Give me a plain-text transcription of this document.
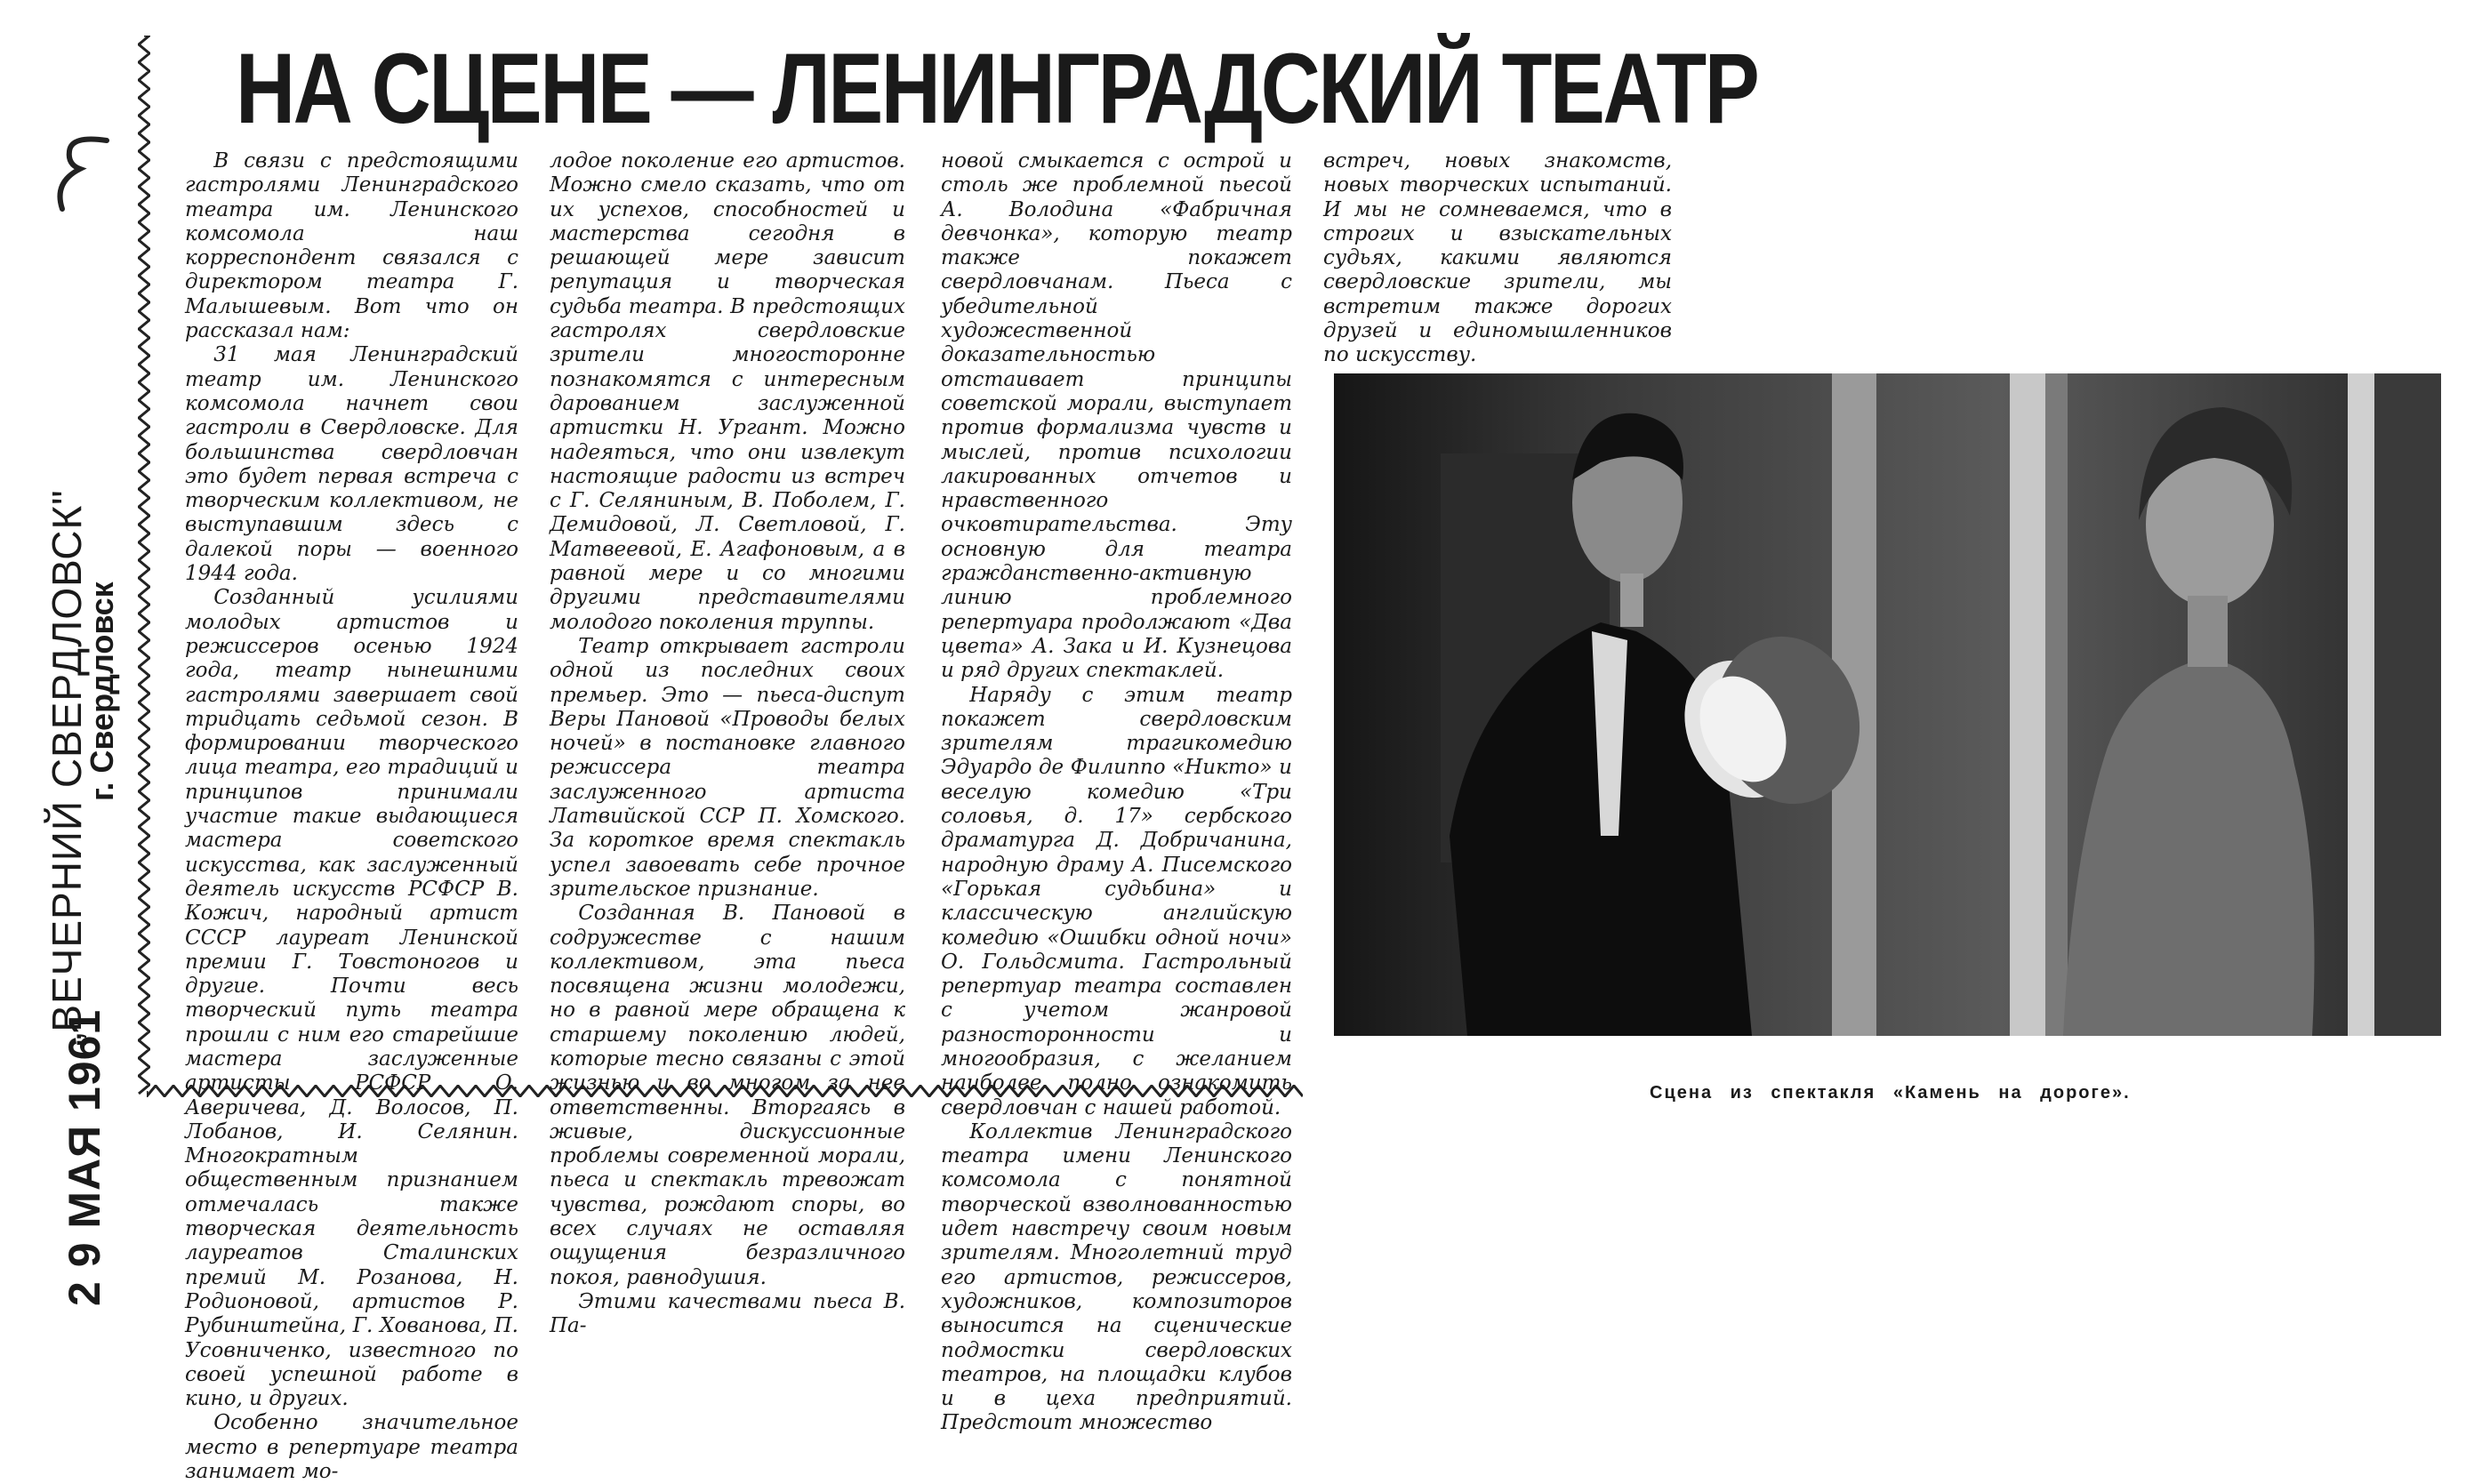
„ВЕЧЕРНИЙ СВЕРДЛОВСК"
г. Свердловск
2 9 МАЯ 1961
НА СЦЕНЕ — ЛЕНИНГРАДСКИЙ ТЕАТР

В связи с предстоящими гастролями Ленинградского театра им. Ленинского комсомола наш корреспондент связался с директором театра Г. Малышевым. Вот что он рассказал нам:

31 мая Ленинградский театр им. Ленинского комсомола начнет свои гастроли в Свердловске. Для большинства свердловчан это будет первая встреча с творческим коллективом, не выступавшим здесь с далекой поры — военного 1944 года.

Созданный усилиями молодых артистов и режиссеров осенью 1924 года, театр нынешними гастролями завершает свой тридцать седьмой сезон. В формировании творческого лица театра, его традиций и принципов принимали участие такие выдающиеся мастера советского искусства, как заслуженный деятель искусств РСФСР В. Кожич, народный артист СССР лауреат Ленинской премии Г. Товстоногов и другие. Почти весь творческий путь театра прошли с ним его старейшие мастера заслуженные артисты РСФСР О. Аверичева, Д. Волосов, П. Лобанов, И. Селянин. Многократным общественным признанием отмечалась также творческая деятельность лауреатов Сталинских премий М. Розанова, Н. Родионовой, артистов Р. Рубинштейна, Г. Хованова, П. Усовниченко, известного по своей успешной работе в кино, и других.

Особенно значительное место в репертуаре театра занимает мо-

лодое поколение его артистов. Можно смело сказать, что от их успехов, способностей и мастерства сегодня в решающей мере зависит репутация и творческая судьба театра. В предстоящих гастролях свердловские зрители многосторонне познакомятся с интересным дарованием заслуженной артистки Н. Ургант. Можно надеяться, что они извлекут настоящие радости из встреч с Г. Селяниным, В. Поболем, Г. Демидовой, Л. Светловой, Г. Матвеевой, Е. Агафоновым, а в равной мере и со многими другими представителями молодого поколения труппы.

Театр открывает гастроли одной из последних своих премьер. Это — пьеса-диспут Веры Пановой «Проводы белых ночей» в постановке главного режиссера театра заслуженного артиста Латвийской ССР П. Хомского. За короткое время спектакль успел завоевать себе прочное зрительское признание.

Созданная В. Пановой в содружестве с нашим коллективом, эта пьеса посвящена жизни молодежи, но в равной мере обращена к старшему поколению людей, которые тесно связаны с этой жизнью и во многом за нее ответственны. Вторгаясь в живые, дискуссионные проблемы современной морали, пьеса и спектакль тревожат чувства, рождают споры, во всех случаях не оставляя ощущения безразличного покоя, равнодушия.

Этими качествами пьеса В. Па-

новой смыкается с острой и столь же проблемной пьесой А. Володина «Фабричная девчонка», которую театр также покажет свердловчанам. Пьеса с убедительной художественной доказательностью отстаивает принципы советской морали, выступает против формализма чувств и мыслей, против психологии лакированных отчетов и нравственного очковтирательства. Эту основную для театра гражданственно-активную линию проблемного репертуара продолжают «Два цвета» А. Зака и И. Кузнецова и ряд других спектаклей.

Наряду с этим театр покажет свердловским зрителям трагикомедию Эдуардо де Филиппо «Никто» и веселую комедию «Три соловья, д. 17» сербского драматурга Д. Добричанина, народную драму А. Писемского «Горькая судьбина» и классическую английскую комедию «Ошибки одной ночи» О. Гольдсмита. Гастрольный репертуар театра составлен с учетом жанровой разносторонности и многообразия, с желанием наиболее полно ознакомить свердловчан с нашей работой.

Коллектив Ленинградского театра имени Ленинского комсомола с понятной творческой взволнованностью идет навстречу своим новым зрителям. Многолетний труд его артистов, режиссеров, художников, композиторов выносится на сценические подмостки свердловских театров, на площадки клубов и в цеха предприятий. Предстоит множество

встреч, новых знакомств, новых творческих испытаний. И мы не сомневаемся, что в строгих и взыскательных судьях, какими являются свердловские зрители, мы встретим также дорогих друзей и единомышленников по искусству.

Сцена из спектакля «Камень на дороге».
